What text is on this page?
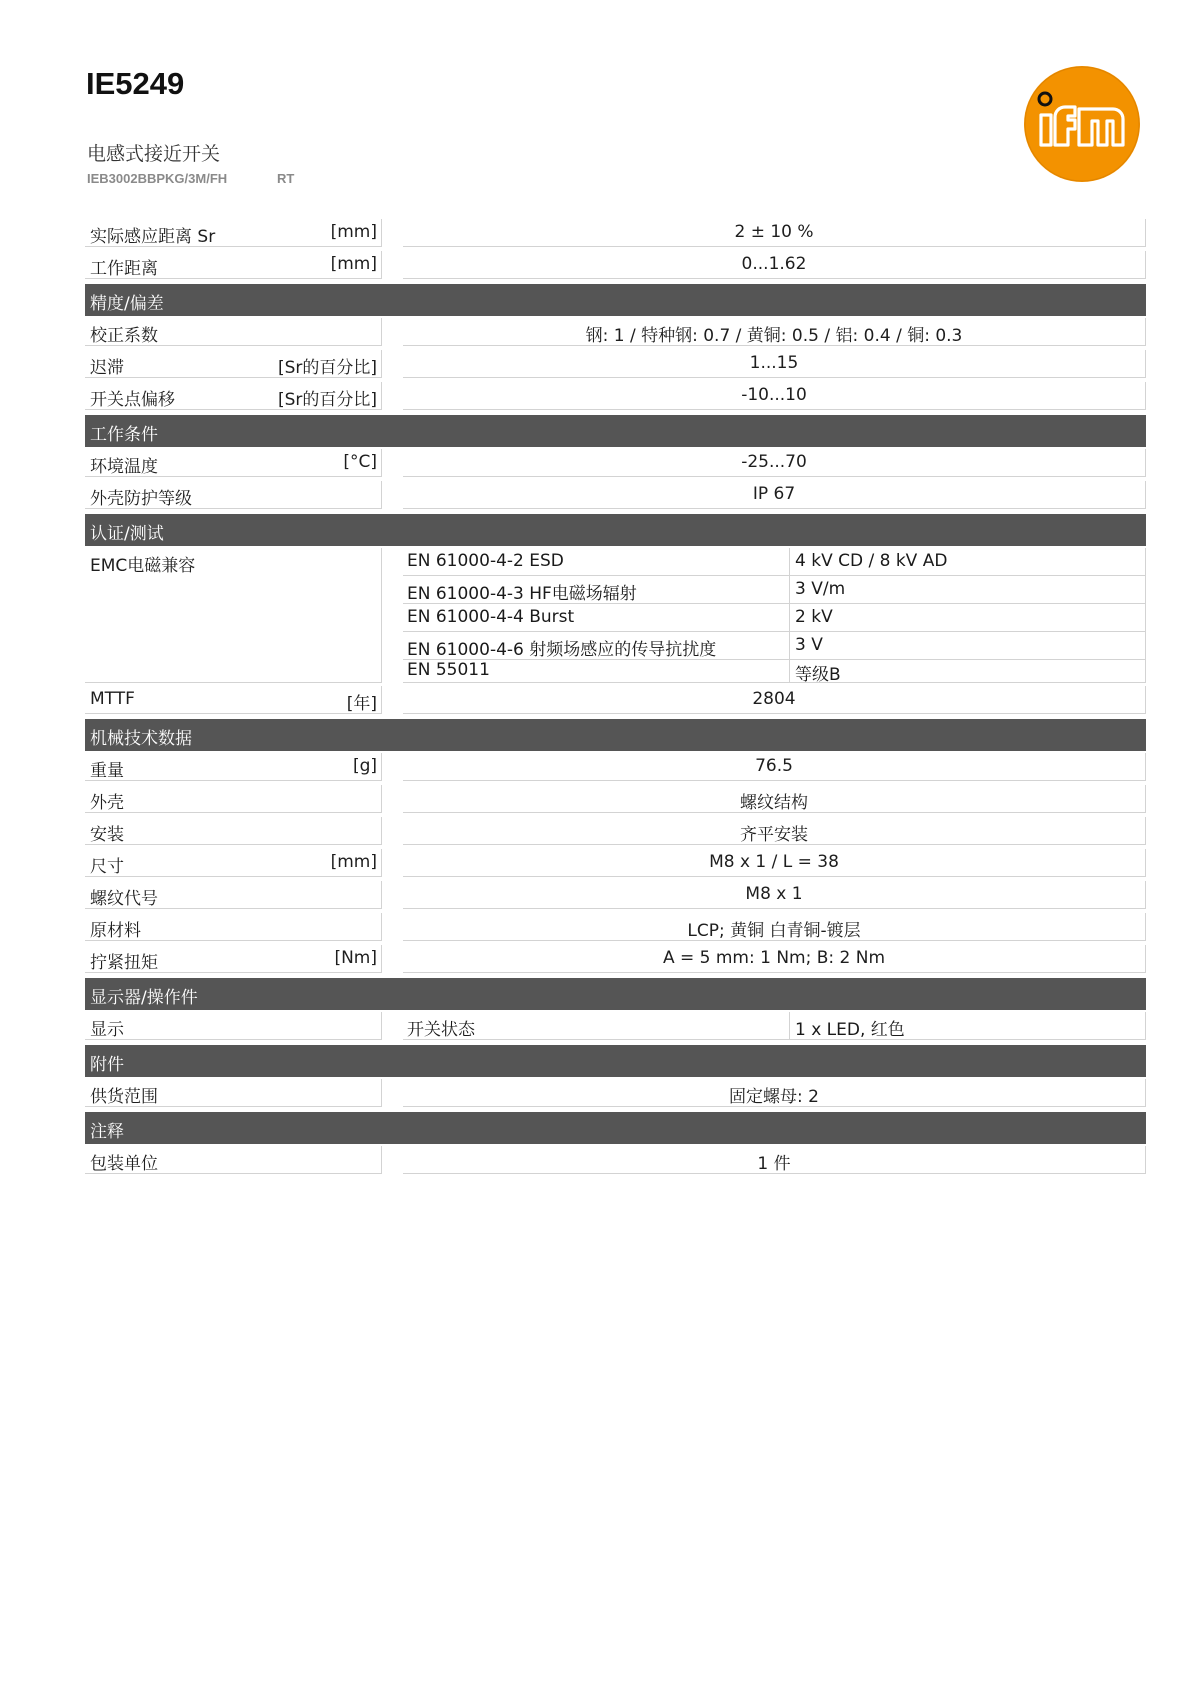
IE5249
电感式接近开关
IEB3002BBPKG/3M/FH	RT
实际感应距离 Sr	[mm]	2 ± 10 %
工作距离	[mm]	0...1.62
精度/偏差
校正系数	钢: 1 / 特种钢: 0.7 / 黄铜: 0.5 / 铝: 0.4 / 铜: 0.3
迟滞	[Sr的百分比]	1...15
开关点偏移	[Sr的百分比]	-10...10
工作条件
环境温度	[°C]	-25...70
外壳防护等级	IP 67
认证/测试
EMC电磁兼容	EN 61000-4-2 ESD	4 kV CD / 8 kV AD
EN 61000-4-3 HF电磁场辐射	3 V/m
EN 61000-4-4 Burst	2 kV
EN 61000-4-6 射频场感应的传导抗扰度	3 V
EN 55011	等级B
MTTF	[年]	2804
机械技术数据
重量	[g]	76.5
外壳	螺纹结构
安装	齐平安装
尺寸	[mm]	M8 x 1 / L = 38
螺纹代号	M8 x 1
原材料	LCP; 黄铜 白青铜-镀层
拧紧扭矩	[Nm]	A = 5 mm: 1 Nm; B: 2 Nm
显示器/操作件
显示	开关状态	1 x LED, 红色
附件
供货范围	固定螺母: 2
注释
包装单位	1 件
